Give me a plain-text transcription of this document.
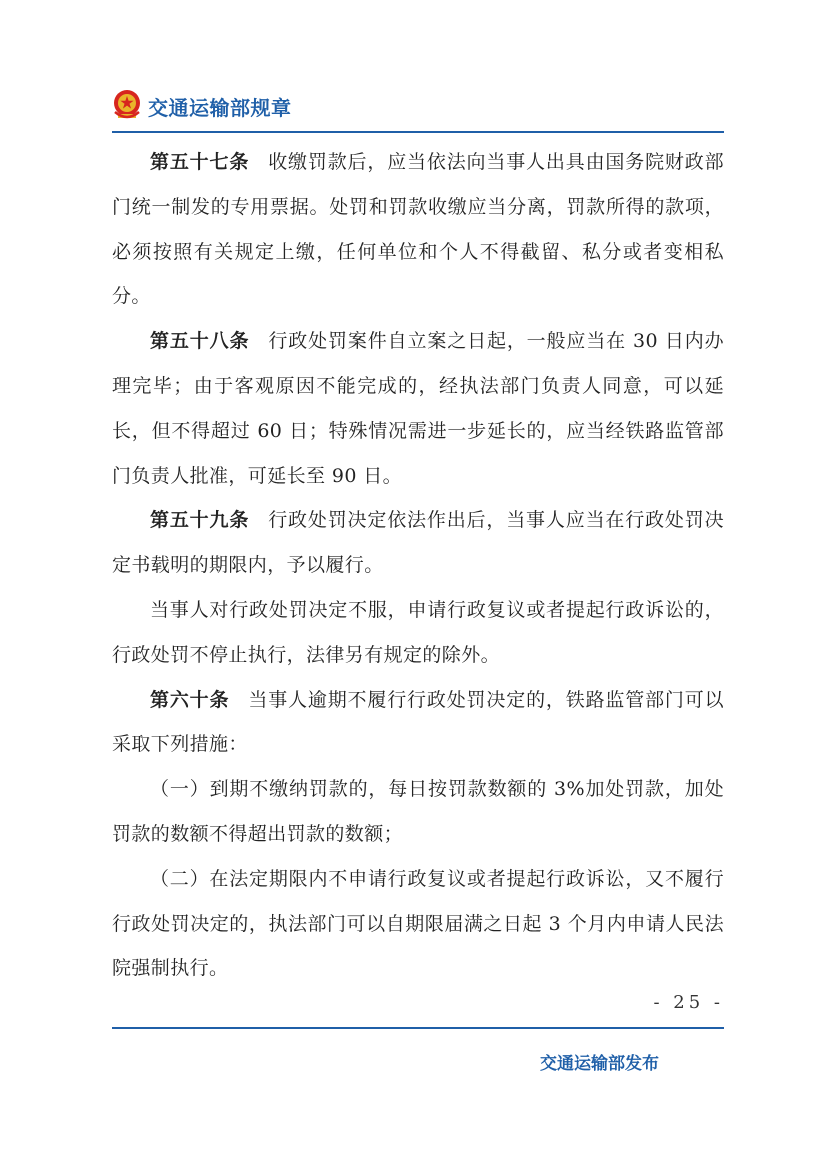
交通运输部规章

第五十七条 收缴罚款后，应当依法向当事人出具由国务院财政部门统一制发的专用票据。处罚和罚款收缴应当分离，罚款所得的款项，必须按照有关规定上缴，任何单位和个人不得截留、私分或者变相私分。

第五十八条 行政处罚案件自立案之日起，一般应当在 30 日内办理完毕；由于客观原因不能完成的，经执法部门负责人同意，可以延长，但不得超过 60 日；特殊情况需进一步延长的，应当经铁路监管部门负责人批准，可延长至 90 日。

第五十九条 行政处罚决定依法作出后，当事人应当在行政处罚决定书载明的期限内，予以履行。

当事人对行政处罚决定不服，申请行政复议或者提起行政诉讼的，行政处罚不停止执行，法律另有规定的除外。

第六十条 当事人逾期不履行行政处罚决定的，铁路监管部门可以采取下列措施：

（一）到期不缴纳罚款的，每日按罚款数额的 3%加处罚款，加处罚款的数额不得超出罚款的数额；

（二）在法定期限内不申请行政复议或者提起行政诉讼，又不履行行政处罚决定的，执法部门可以自期限届满之日起 3 个月内申请人民法院强制执行。

- 25 -
交通运输部发布
